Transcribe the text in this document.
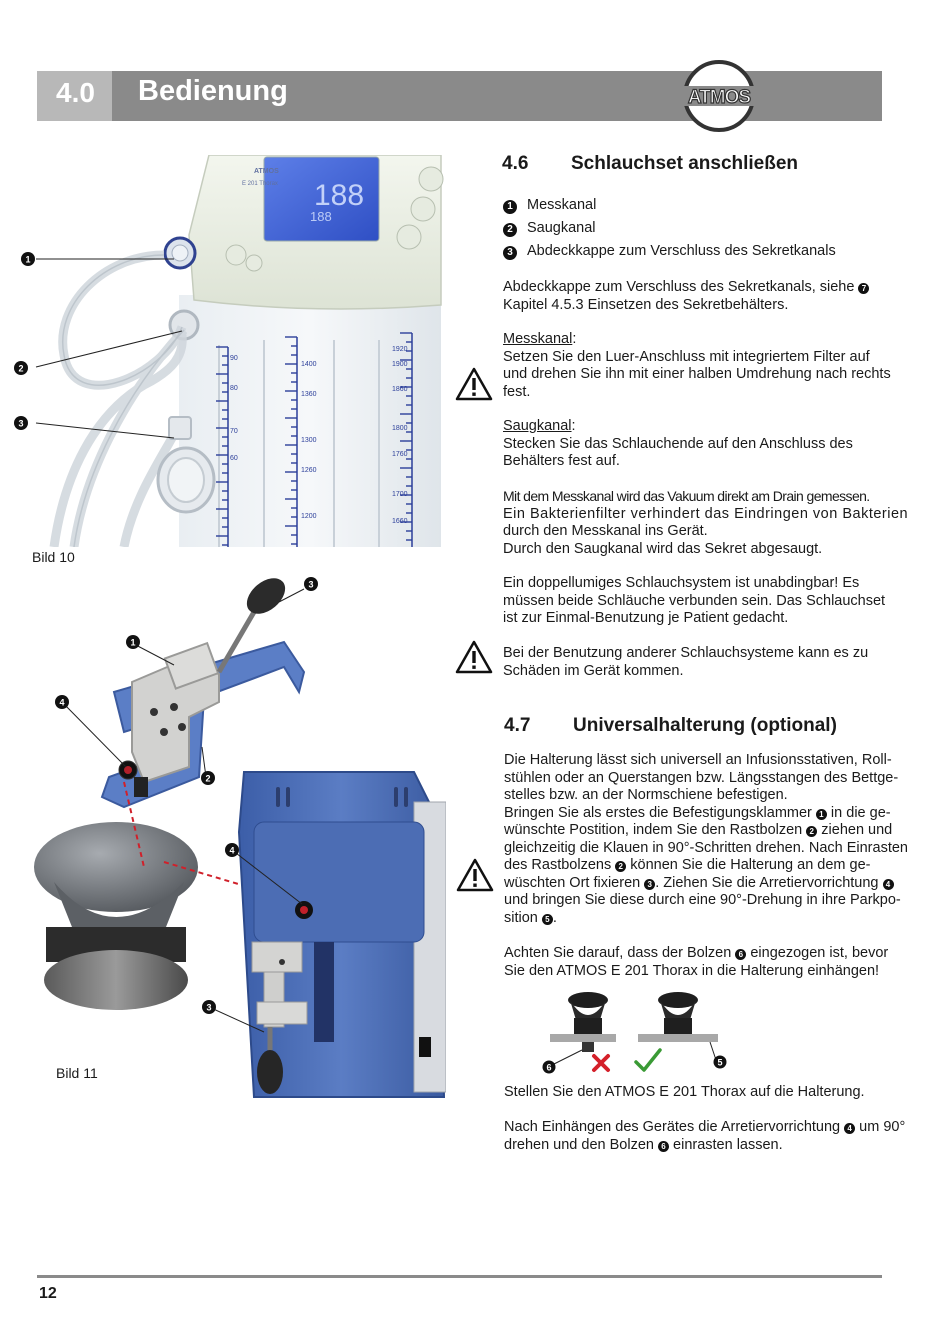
4.0 Bedienung	ATMOS
90
80
70
60
1400
1360
1300
1260
1200
1920
1900
1860
1800
1760
1700
1660
188
188
ATMOS
E 201 Thorax
1
2
3
Bild 10
3
1
4
2
4
3
Bild 11
4.6 Schlauchset anschließen
1 Messkanal
2 Saugkanal
3 Abdeckkappe zum Verschluss des Sekretkanals
Abdeckkappe zum Verschluss des Sekretkanals, siehe 7
Kapitel 4.5.3 Einsetzen des Sekretbehälters.
Messkanal:
Setzen Sie den Luer-Anschluss mit integriertem Filter auf
und drehen Sie ihn mit einer halben Umdrehung nach rechts
fest.
Saugkanal:
Stecken Sie das Schlauchende auf den Anschluss des
Behälters fest auf.
Mit dem Messkanal wird das Vakuum direkt am Drain gemessen.
Ein Bakterienfilter verhindert das Eindringen von Bakterien
durch den Messkanal ins Gerät.
Durch den Saugkanal wird das Sekret abgesaugt.
Ein doppellumiges Schlauchsystem ist unabdingbar! Es
müssen beide Schläuche verbunden sein. Das Schlauchset
ist zur Einmal-Benutzung je Patient gedacht.
Bei der Benutzung anderer Schlauchsysteme kann es zu
Schäden im Gerät kommen.
4.7 Universalhalterung (optional)
Die Halterung lässt sich universell an Infusionsstativen, Roll-
stühlen oder an Querstangen bzw. Längsstangen des Bettge-
stelles bzw. an der Normschiene befestigen.
Bringen Sie als erstes die Befestigungsklammer 1 in die ge-
wünschte Postition, indem Sie den Rastbolzen 2 ziehen und
gleichzeitig die Klauen in 90°-Schritten drehen. Nach Einrasten
des Rastbolzens 2 können Sie die Halterung an dem ge-
wüschten Ort fixieren 3 . Ziehen Sie die Arretiervorrichtung 4
und bringen Sie diese durch eine 90°-Drehung in ihre Parkpo-
sition 5 .
Achten Sie darauf, dass der Bolzen 6 eingezogen ist, bevor
Sie den ATMOS E 201 Thorax in die Halterung einhängen!
6	5
Stellen Sie den ATMOS E 201 Thorax auf die Halterung.
Nach Einhängen des Gerätes die Arretiervorrichtung 4 um 90°
drehen und den Bolzen 6 einrasten lassen.
12
